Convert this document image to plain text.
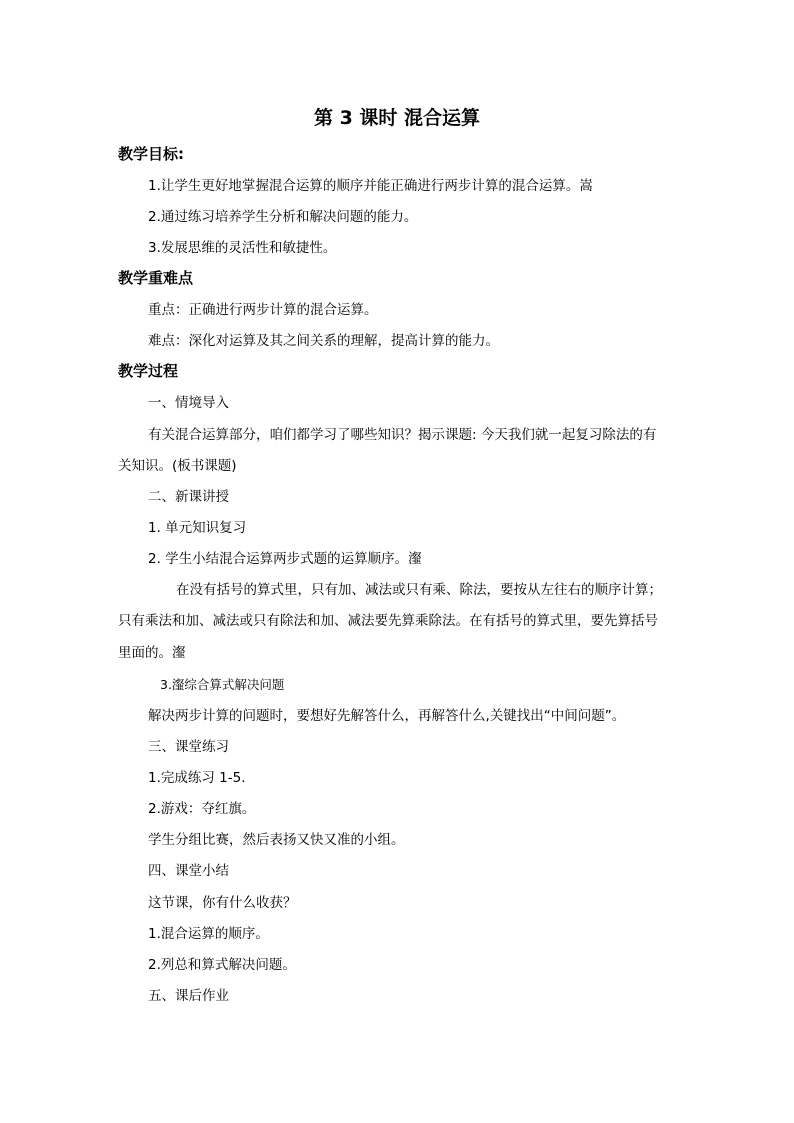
第 3 课时 混合运算
教学目标:
1.让学生更好地掌握混合运算的顺序并能正确进行两步计算的混合运算。嵩
2.通过练习培养学生分析和解决问题的能力。
3.发展思维的灵活性和敏捷性。
教学重难点
重点：正确进行两步计算的混合运算。
难点：深化对运算及其之间关系的理解，提高计算的能力。
教学过程
一、情境导入
有关混合运算部分，咱们都学习了哪些知识？揭示课题: 今天我们就一起复习除法的有
关知识。(板书课题)
二、新课讲授
1. 单元知识复习
2. 学生小结混合运算两步式题的运算顺序。瀣
在没有括号的算式里，只有加、减法或只有乘、除法，要按从左往右的顺序计算；
只有乘法和加、减法或只有除法和加、减法要先算乘除法。在有括号的算式里，要先算括号
里面的。瀣
3.瀣综合算式解决问题
解决两步计算的问题时，要想好先解答什么，再解答什么,关键找出“中间问题”。
三、课堂练习
1.完成练习 1-5.
2.游戏：夺红旗。
学生分组比赛，然后表扬又快又准的小组。
四、课堂小结
这节课，你有什么收获？
1.混合运算的顺序。
2.列总和算式解决问题。
五、课后作业
